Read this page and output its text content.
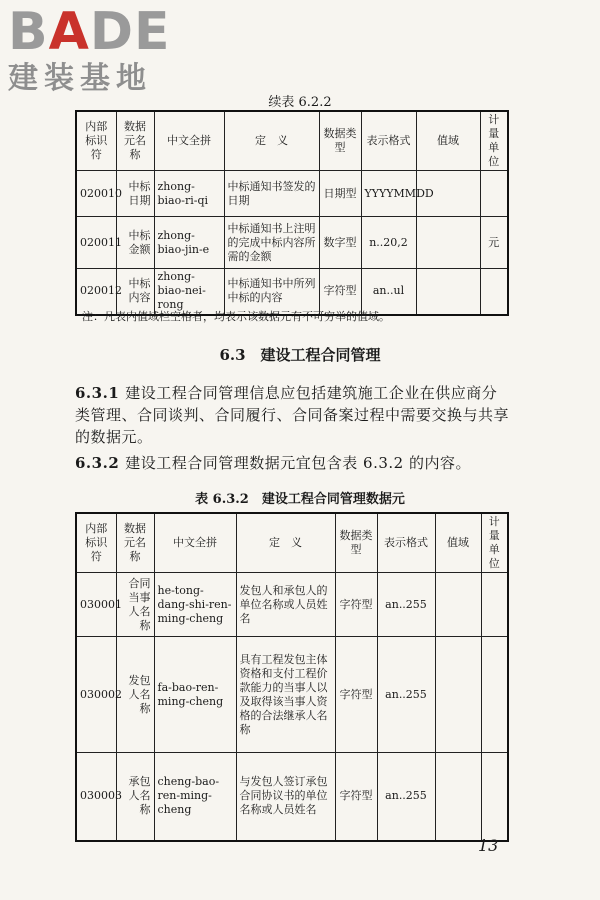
BADE
建装基地
续表 6.2.2
内部标识符	数据元名称	中文全拼	定　义	数据类型	表示格式	值域	计量单位
020010	中标日期	zhong-biao-ri-qi	中标通知书签发的日期	日期型	YYYYMMDD		
020011	中标金额	zhong-biao-jin-e	中标通知书上注明的完成中标内容所需的金额	数字型	n..20,2		元
020012	中标内容	zhong-biao-nei-rong	中标通知书中所列中标的内容	字符型	an..ul		
注：凡表内值域栏空格者，均表示该数据元有不可穷举的值域。
6.3　建设工程合同管理
6.3.1 建设工程合同管理信息应包括建筑施工企业在供应商分类管理、合同谈判、合同履行、合同备案过程中需要交换与共享的数据元。
6.3.2 建设工程合同管理数据元宜包含表 6.3.2 的内容。
表 6.3.2　建设工程合同管理数据元
内部标识符	数据元名称	中文全拼	定　义	数据类型	表示格式	值域	计量单位
030001	合同当事人名称	he-tong-dang-shi-ren-ming-cheng	发包人和承包人的单位名称或人员姓名	字符型	an..255		
030002	发包人名称	fa-bao-ren-ming-cheng	具有工程发包主体资格和支付工程价款能力的当事人以及取得该当事人资格的合法继承人名称	字符型	an..255		
030003	承包人名称	cheng-bao-ren-ming-cheng	与发包人签订承包合同协议书的单位名称或人员姓名	字符型	an..255		
13
